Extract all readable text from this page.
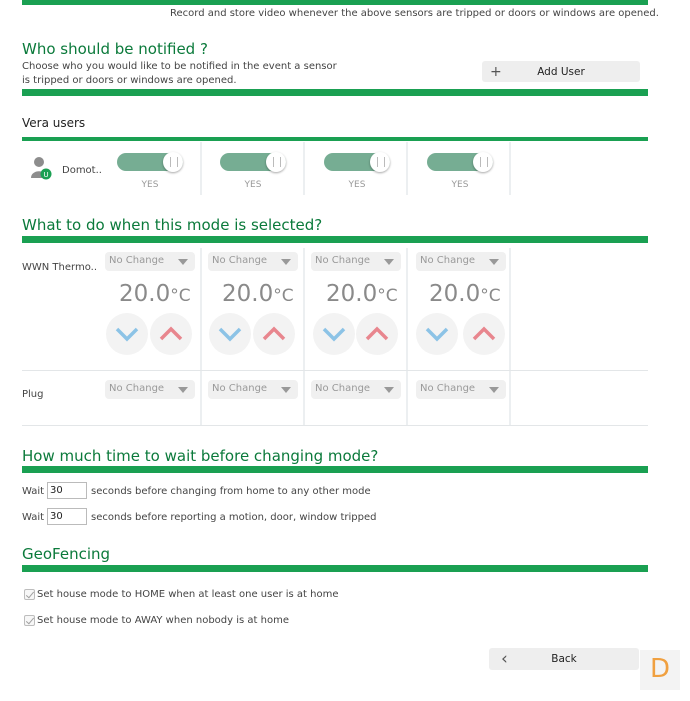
Record and store video whenever the above sensors are tripped or doors or windows are opened.
Who should be notified ?
Choose who you would like to be notified in the event a sensor
is tripped or doors or windows are opened.
+	Add User
Vera users
U Domot..
YES	YES	YES	YES
What to do when this mode is selected?
WWN Thermo..
No Change	No Change	No Change	No Change
20.0°C	20.0°C	20.0°C	20.0°C
Plug
No Change	No Change	No Change	No Change
How much time to wait before changing mode?
Wait 30	seconds before changing from home to any other mode
Wait 30	seconds before reporting a motion, door, window tripped
GeoFencing
Set house mode to HOME when at least one user is at home
Set house mode to AWAY when nobody is at home
‹	Back	D
